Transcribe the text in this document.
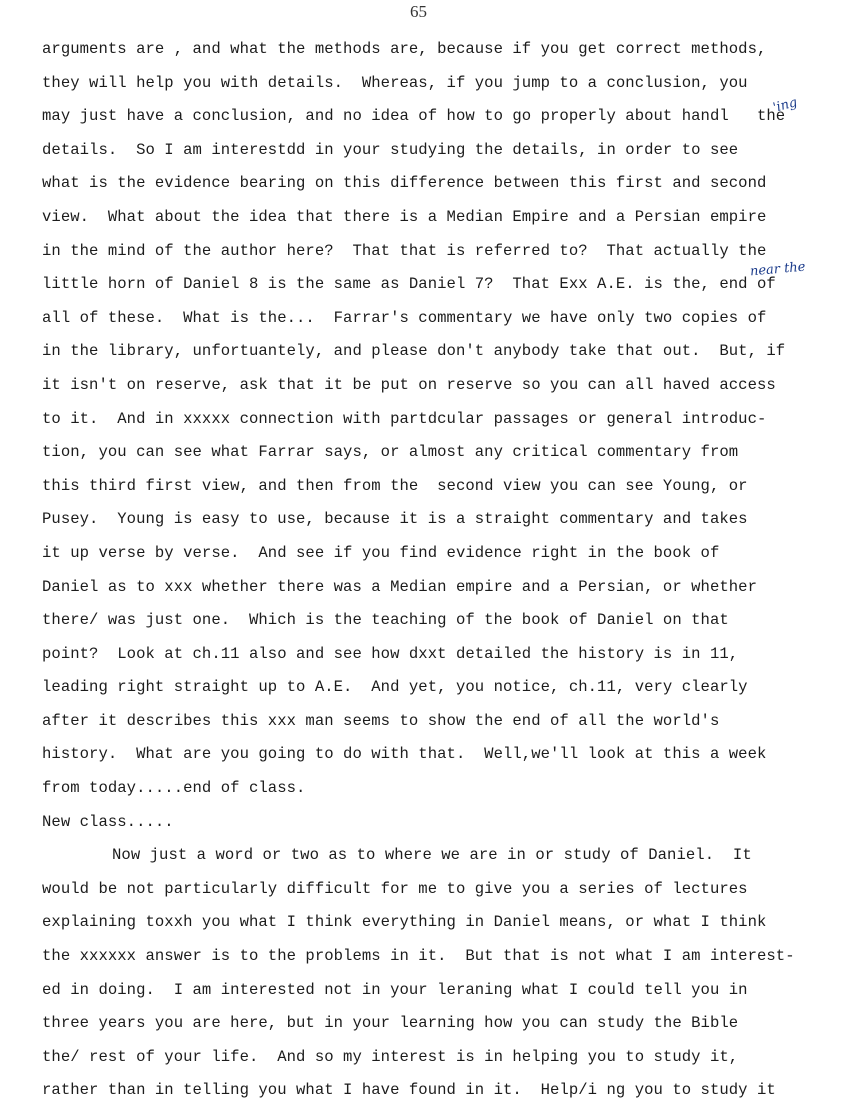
65
arguments are , and what the methods are, because if you get correct methods,
they will help you with details.  Whereas, if you jump to a conclusion, you
may just have a conclusion, and no idea of how to go properly about handl   the
details.  So I am interestdd in your studying the details, in order to see
what is the evidence bearing on this difference between this first and second
view.  What about the idea that there is a Median Empire and a Persian empire
in the mind of the author here?  That that is referred to?  That actually the
little horn of Daniel 8 is the same as Daniel 7?  That Exx A.E. is the, end of
all of these.  What is the...  Farrar's commentary we have only two copies of
in the library, unfortuantely, and please don't anybody take that out.  But, if
it isn't on reserve, ask that it be put on reserve so you can all haved access
to it.  And in xxxxx connection with partdcular passages or general introduc-
tion, you can see what Farrar says, or almost any critical commentary from
this third first view, and then from the  second view you can see Young, or
Pusey.  Young is easy to use, because it is a straight commentary and takes
it up verse by verse.  And see if you find evidence right in the book of
Daniel as to xxx whether there was a Median empire and a Persian, or whether
there/ was just one.  Which is the teaching of the book of Daniel on that
point?  Look at ch.11 also and see how dxxt detailed the history is in 11,
leading right straight up to A.E.  And yet, you notice, ch.11, very clearly
after it describes this xxx man seems to show the end of all the world's
history.  What are you going to do with that.  Well,we'll look at this a week
from today.....end of class.
New class.....
Now just a word or two as to where we are in or study of Daniel.  It
would be not particularly difficult for me to give you a series of lectures
explaining toxxh you what I think everything in Daniel means, or what I think
the xxxxxx answer is to the problems in it.  But that is not what I am interest-
ed in doing.  I am interested not in your leraning what I could tell you in
three years you are here, but in your learning how you can study the Bible
the/ rest of your life.  And so my interest is in helping you to study it,
rather than in telling you what I have found in it.  Help/i ng you to study it
'ing
near the
